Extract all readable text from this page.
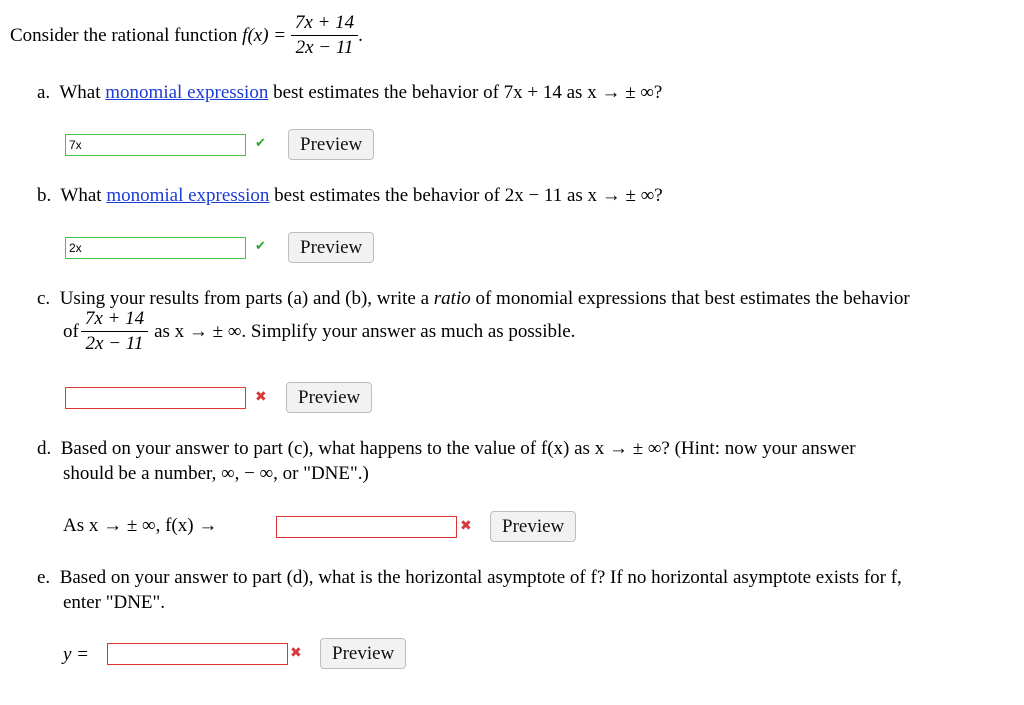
Consider the rational function
f(x) =
$\frac{7x + 14}{2x - 11}$ .
a. What monomial expression best estimates the behavior of 7x + 14 as x → ± ∞?
7x	✔	Preview
b. What monomial expression best estimates the behavior of 2x − 11 as x → ± ∞?
2x	✔	Preview
c. Using your results from parts (a) and (b), write a ratio of monomial expressions that best estimates the behavior
of $\frac{7x + 14}{2x - 11}$ as x → ± ∞. Simplify your answer as much as possible.
✖	Preview
d. Based on your answer to part (c), what happens to the value of f(x) as x → ± ∞? (Hint: now your answer
should be a number, ∞, − ∞, or "DNE".)
As x → ± ∞, f(x) →	✖	Preview
e. Based on your answer to part (d), what is the horizontal asymptote of f? If no horizontal asymptote exists for f,
enter "DNE".
y =	✖	Preview
